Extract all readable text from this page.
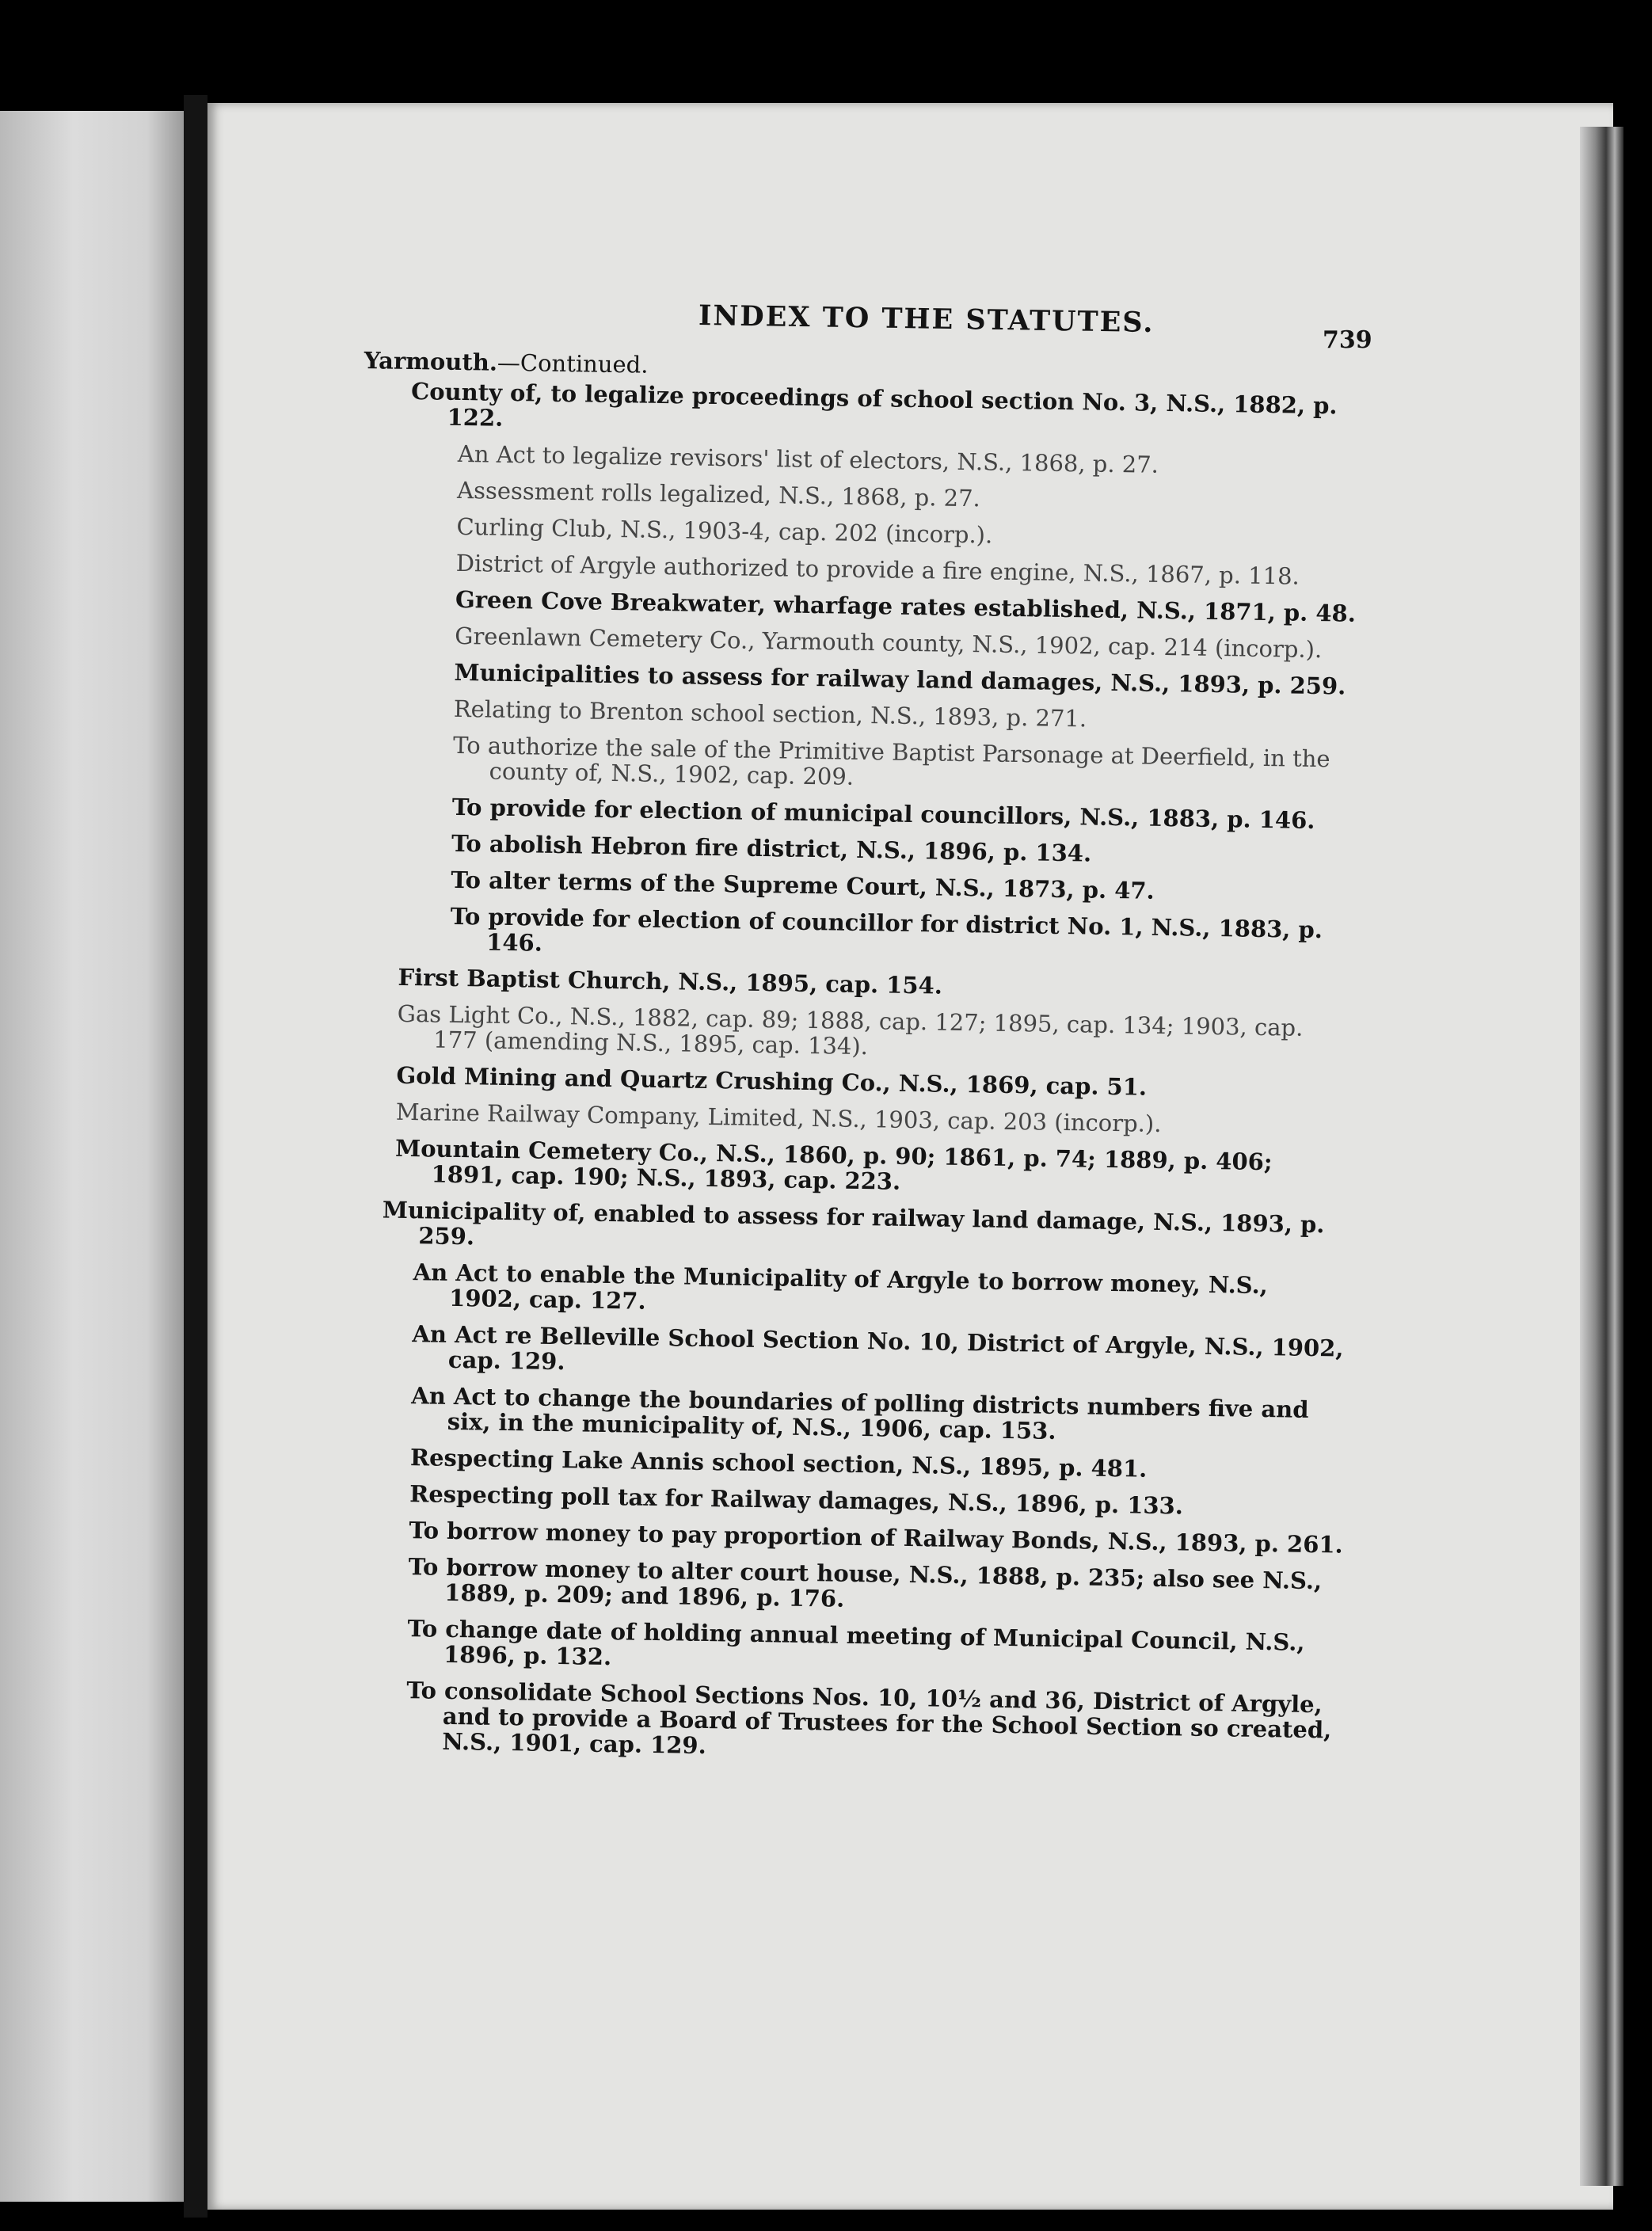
INDEX TO THE STATUTES.
739
Yarmouth.—Continued.
County of, to legalize proceedings of school section No. 3, N.S., 1882, p. 122.
An Act to legalize revisors' list of electors, N.S., 1868, p. 27.
Assessment rolls legalized, N.S., 1868, p. 27.
Curling Club, N.S., 1903-4, cap. 202 (incorp.).
District of Argyle authorized to provide a fire engine, N.S., 1867, p. 118.
Green Cove Breakwater, wharfage rates established, N.S., 1871, p. 48.
Greenlawn Cemetery Co., Yarmouth county, N.S., 1902, cap. 214 (incorp.).
Municipalities to assess for railway land damages, N.S., 1893, p. 259.
Relating to Brenton school section, N.S., 1893, p. 271.
To authorize the sale of the Primitive Baptist Parsonage at Deerfield, in the county of, N.S., 1902, cap. 209.
To provide for election of municipal councillors, N.S., 1883, p. 146.
To abolish Hebron fire district, N.S., 1896, p. 134.
To alter terms of the Supreme Court, N.S., 1873, p. 47.
To provide for election of councillor for district No. 1, N.S., 1883, p. 146.
First Baptist Church, N.S., 1895, cap. 154.
Gas Light Co., N.S., 1882, cap. 89; 1888, cap. 127; 1895, cap. 134; 1903, cap. 177 (amending N.S., 1895, cap. 134).
Gold Mining and Quartz Crushing Co., N.S., 1869, cap. 51.
Marine Railway Company, Limited, N.S., 1903, cap. 203 (incorp.).
Mountain Cemetery Co., N.S., 1860, p. 90; 1861, p. 74; 1889, p. 406; 1891, cap. 190; N.S., 1893, cap. 223.
Municipality of, enabled to assess for railway land damage, N.S., 1893, p. 259.
An Act to enable the Municipality of Argyle to borrow money, N.S., 1902, cap. 127.
An Act re Belleville School Section No. 10, District of Argyle, N.S., 1902, cap. 129.
An Act to change the boundaries of polling districts numbers five and six, in the municipality of, N.S., 1906, cap. 153.
Respecting Lake Annis school section, N.S., 1895, p. 481.
Respecting poll tax for Railway damages, N.S., 1896, p. 133.
To borrow money to pay proportion of Railway Bonds, N.S., 1893, p. 261.
To borrow money to alter court house, N.S., 1888, p. 235; also see N.S., 1889, p. 209; and 1896, p. 176.
To change date of holding annual meeting of Municipal Council, N.S., 1896, p. 132.
To consolidate School Sections Nos. 10, 10½ and 36, District of Argyle, and to provide a Board of Trustees for the School Section so created, N.S., 1901, cap. 129.
